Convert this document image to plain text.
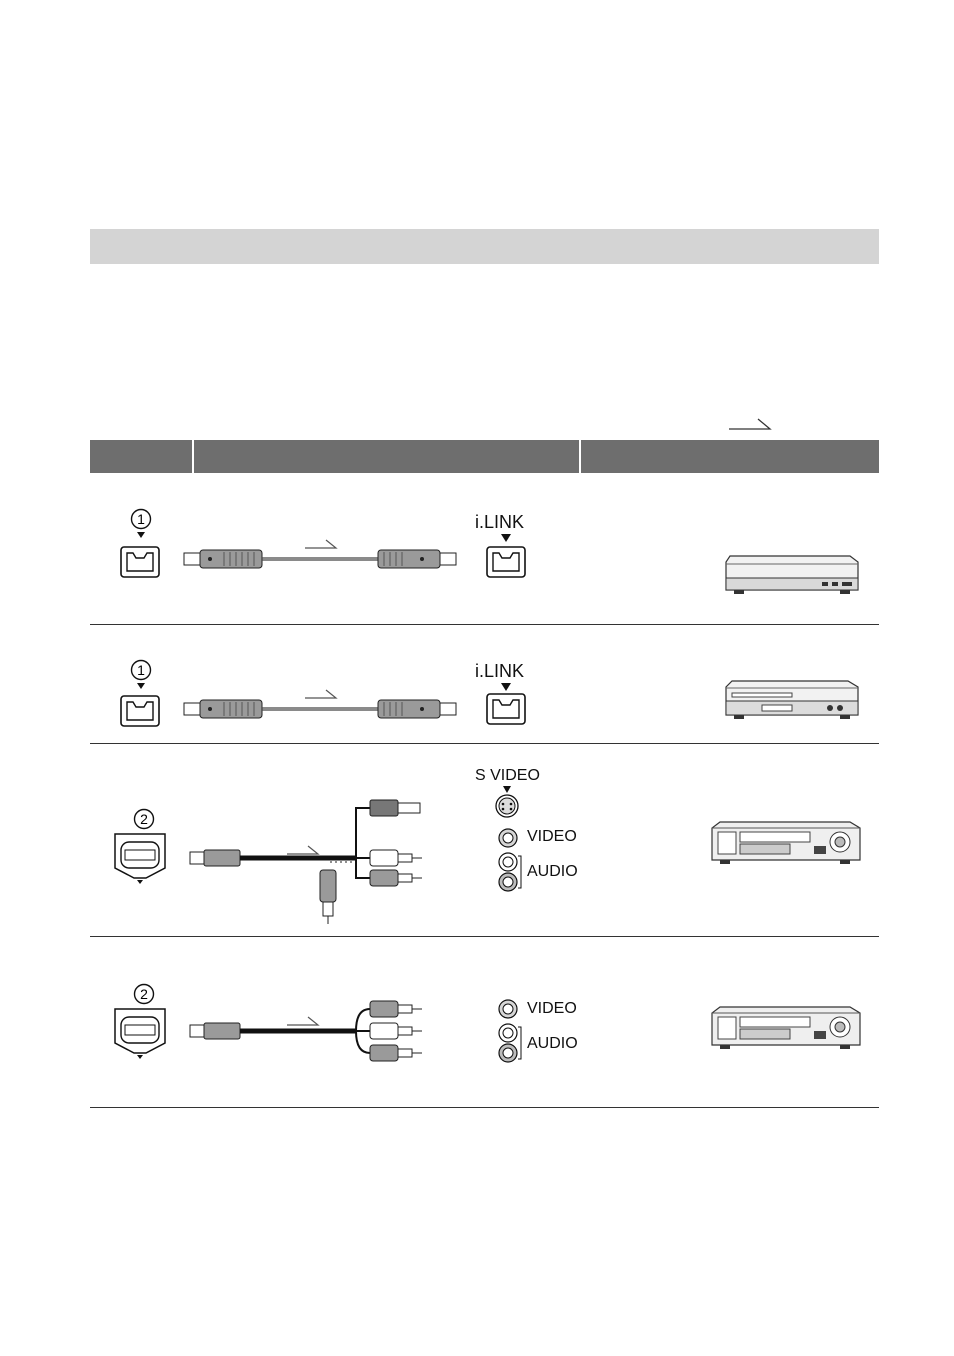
1	i.LINK
1	i.LINK
2
S VIDEO
VIDEO
AUDIO
2
VIDEO
AUDIO
